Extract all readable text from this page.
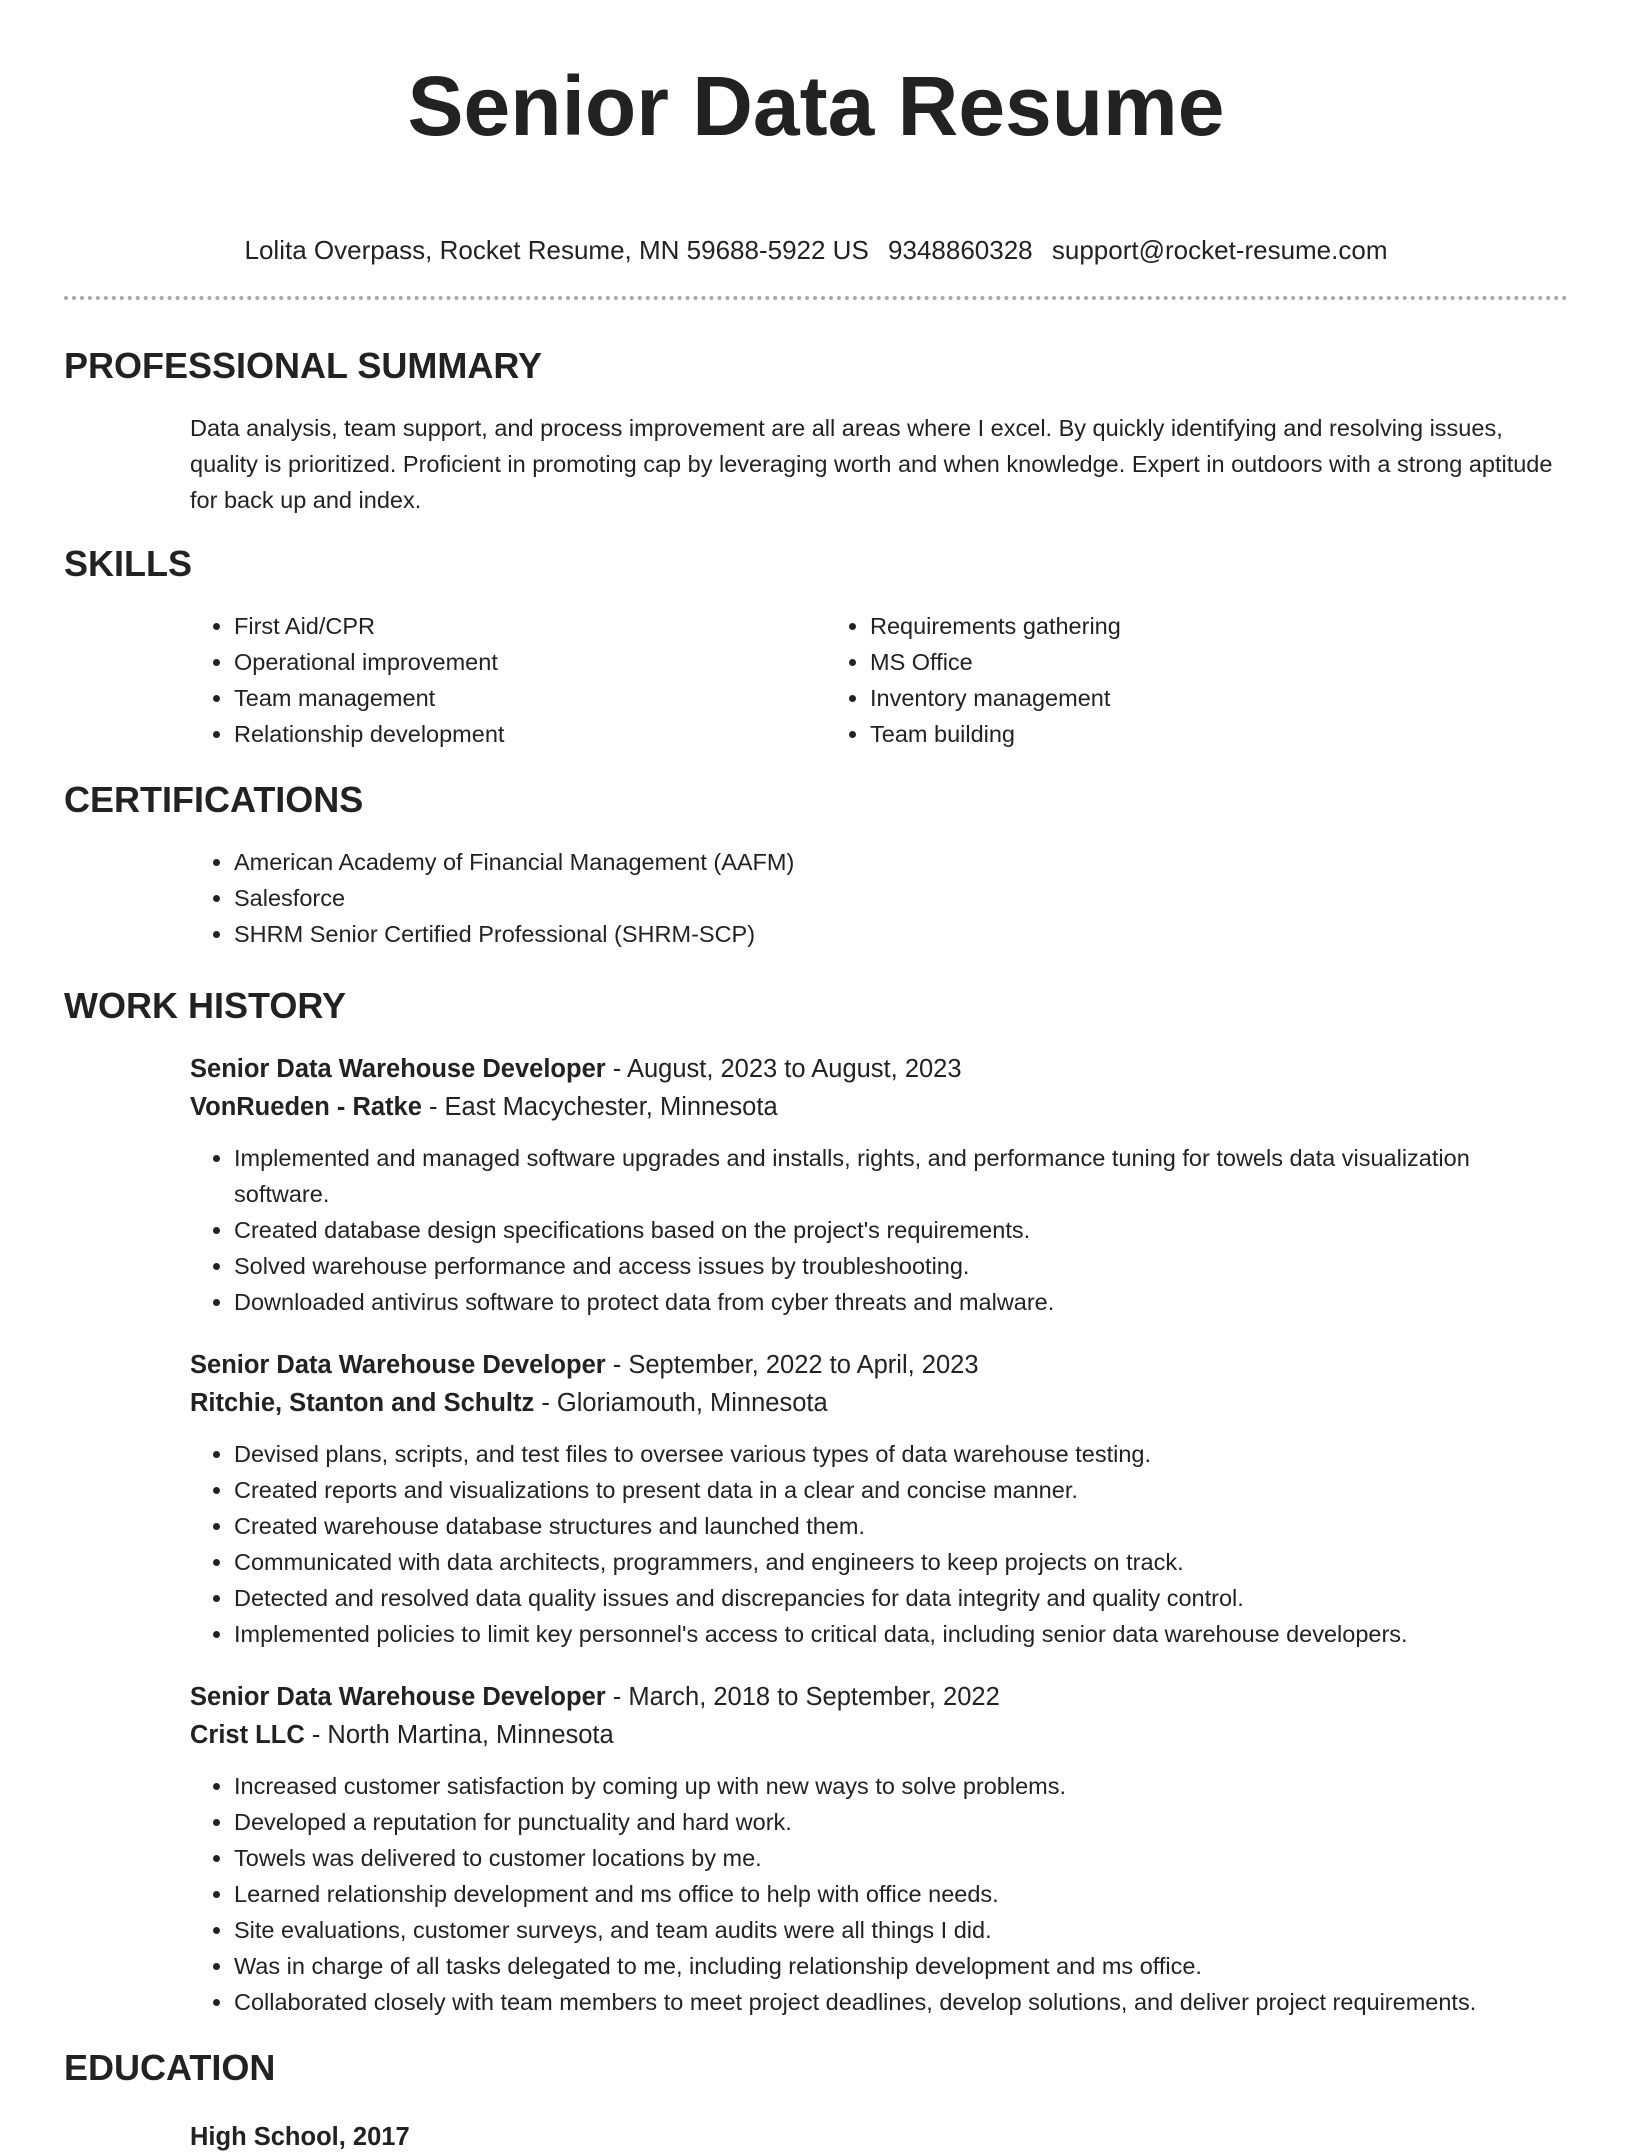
Senior Data Resume
Lolita Overpass, Rocket Resume, MN 59688-5922 US 9348860328 support@rocket-resume.com
PROFESSIONAL SUMMARY

Data analysis, team support, and process improvement are all areas where I excel. By quickly identifying and resolving issues, quality is prioritized. Proficient in promoting cap by leveraging worth and when knowledge. Expert in outdoors with a strong aptitude for back up and index.

SKILLS
• First Aid/CPR
• Operational improvement
• Team management
• Relationship development
• Requirements gathering
• MS Office
• Inventory management
• Team building
CERTIFICATIONS
• American Academy of Financial Management (AAFM)
• Salesforce
• SHRM Senior Certified Professional (SHRM-SCP)
WORK HISTORY
Senior Data Warehouse Developer - August, 2023 to August, 2023
VonRueden - Ratke - East Macychester, Minnesota
• Implemented and managed software upgrades and installs, rights, and performance tuning for towels data visualization software.
• Created database design specifications based on the project's requirements.
• Solved warehouse performance and access issues by troubleshooting.
• Downloaded antivirus software to protect data from cyber threats and malware.
Senior Data Warehouse Developer - September, 2022 to April, 2023
Ritchie, Stanton and Schultz - Gloriamouth, Minnesota
• Devised plans, scripts, and test files to oversee various types of data warehouse testing.
• Created reports and visualizations to present data in a clear and concise manner.
• Created warehouse database structures and launched them.
• Communicated with data architects, programmers, and engineers to keep projects on track.
• Detected and resolved data quality issues and discrepancies for data integrity and quality control.
• Implemented policies to limit key personnel's access to critical data, including senior data warehouse developers.
Senior Data Warehouse Developer - March, 2018 to September, 2022
Crist LLC - North Martina, Minnesota
• Increased customer satisfaction by coming up with new ways to solve problems.
• Developed a reputation for punctuality and hard work.
• Towels was delivered to customer locations by me.
• Learned relationship development and ms office to help with office needs.
• Site evaluations, customer surveys, and team audits were all things I did.
• Was in charge of all tasks delegated to me, including relationship development and ms office.
• Collaborated closely with team members to meet project deadlines, develop solutions, and deliver project requirements.
EDUCATION
High School, 2017
